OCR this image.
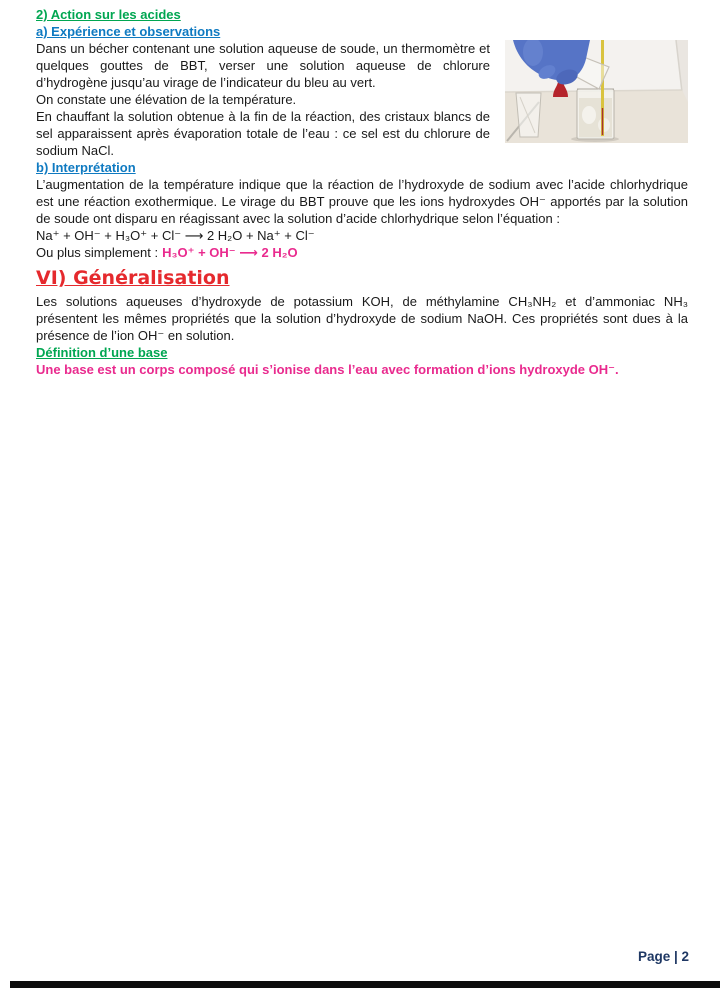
2) Action sur les acides

a) Expérience et observations

Dans un bécher contenant une solution aqueuse de soude, un thermomètre et quelques gouttes de BBT, verser une solution aqueuse de chlorure d’hydrogène jusqu’au virage de l’indicateur du bleu au vert.

On constate une élévation de la température.

En chauffant la solution obtenue à la fin de la réaction, des cristaux blancs de sel apparaissent après évaporation totale de l’eau : ce sel est du chlorure de sodium NaCl.

b) Interprétation

L’augmentation de la température indique que la réaction de l’hydroxyde de sodium avec l’acide chlorhydrique est une réaction exothermique. Le virage du BBT prouve que les ions hydroxydes OH⁻ apportés par la solution de soude ont disparu en réagissant avec la solution d’acide chlorhydrique selon l’équation :

Na⁺ + OH⁻ + H₃O⁺ + Cl⁻ ⟶ 2 H₂O + Na⁺ + Cl⁻

Ou plus simplement : H₃O⁺ + OH⁻ ⟶ 2 H₂O

VI) Généralisation

Les solutions aqueuses d’hydroxyde de potassium KOH, de méthylamine CH₃NH₂ et d’ammoniac NH₃ présentent les mêmes propriétés que la solution d’hydroxyde de sodium NaOH. Ces propriétés sont dues à la présence de l’ion OH⁻ en solution.

Définition d’une base

Une base est un corps composé qui s’ionise dans l’eau avec formation d’ions hydroxyde OH⁻.

Page | 2
